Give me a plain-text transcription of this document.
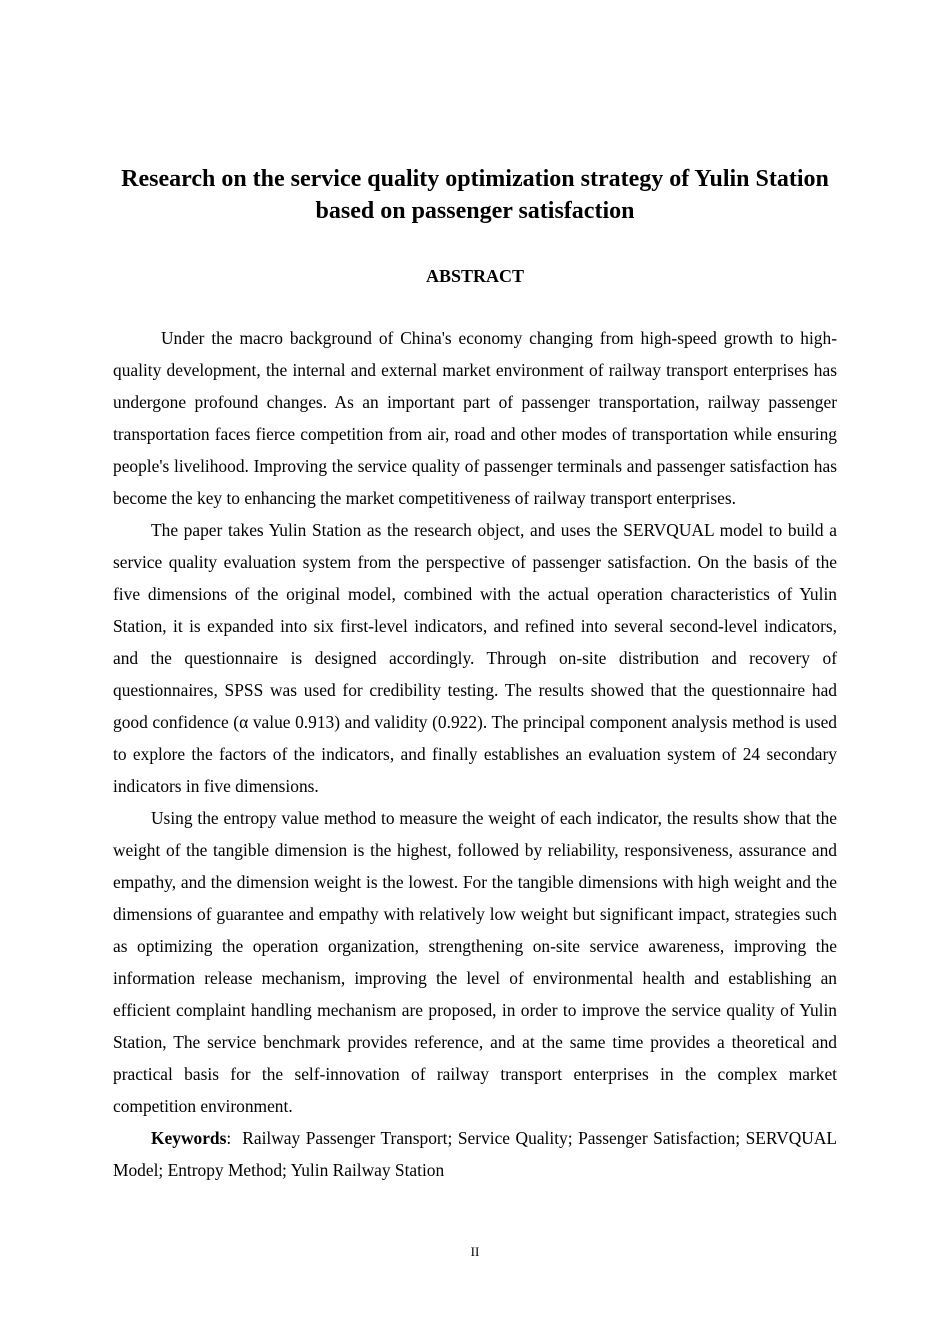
Research on the service quality optimization strategy of Yulin Station based on passenger satisfaction
ABSTRACT

Under the macro background of China's economy changing from high-speed growth to high-quality development, the internal and external market environment of railway transport enterprises has undergone profound changes. As an important part of passenger transportation, railway passenger transportation faces fierce competition from air, road and other modes of transportation while ensuring people's livelihood. Improving the service quality of passenger terminals and passenger satisfaction has become the key to enhancing the market competitiveness of railway transport enterprises.

The paper takes Yulin Station as the research object, and uses the SERVQUAL model to build a service quality evaluation system from the perspective of passenger satisfaction. On the basis of the five dimensions of the original model, combined with the actual operation characteristics of Yulin Station, it is expanded into six first-level indicators, and refined into several second-level indicators, and the questionnaire is designed accordingly. Through on-site distribution and recovery of questionnaires, SPSS was used for credibility testing. The results showed that the questionnaire had good confidence (α value 0.913) and validity (0.922). The principal component analysis method is used to explore the factors of the indicators, and finally establishes an evaluation system of 24 secondary indicators in five dimensions.

Using the entropy value method to measure the weight of each indicator, the results show that the weight of the tangible dimension is the highest, followed by reliability, responsiveness, assurance and empathy, and the dimension weight is the lowest. For the tangible dimensions with high weight and the dimensions of guarantee and empathy with relatively low weight but significant impact, strategies such as optimizing the operation organization, strengthening on-site service awareness, improving the information release mechanism, improving the level of environmental health and establishing an efficient complaint handling mechanism are proposed, in order to improve the service quality of Yulin Station, The service benchmark provides reference, and at the same time provides a theoretical and practical basis for the self-innovation of railway transport enterprises in the complex market competition environment.

Keywords:  Railway Passenger Transport; Service Quality; Passenger Satisfaction; SERVQUAL Model; Entropy Method; Yulin Railway Station

II
